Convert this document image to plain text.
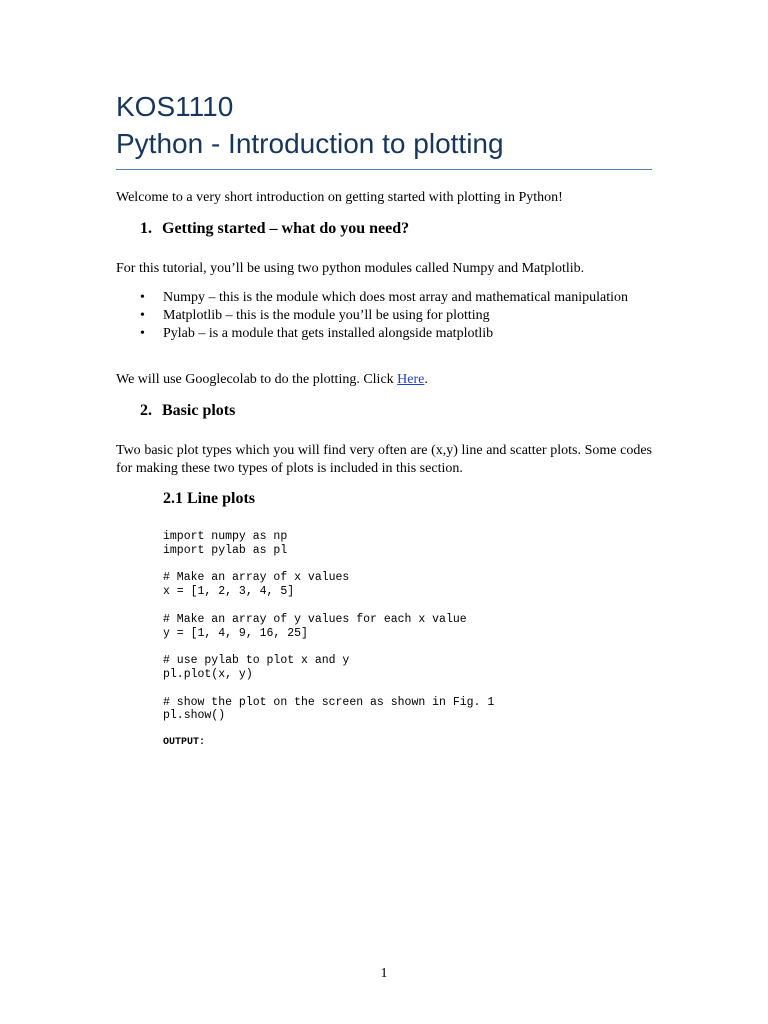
KOS1110
Python - Introduction to plotting

Welcome to a very short introduction on getting started with plotting in Python!

1. Getting started – what do you need?

For this tutorial, you’ll be using two python modules called Numpy and Matplotlib.

• Numpy – this is the module which does most array and mathematical manipulation
• Matplotlib – this is the module you’ll be using for plotting
• Pylab – is a module that gets installed alongside matplotlib

We will use Googlecolab to do the plotting. Click Here.

2. Basic plots

Two basic plot types which you will find very often are (x,y) line and scatter plots. Some codes for making these two types of plots is included in this section.

2.1 Line plots
import numpy as np
import pylab as pl

# Make an array of x values
x = [1, 2, 3, 4, 5]

# Make an array of y values for each x value
y = [1, 4, 9, 16, 25]

# use pylab to plot x and y
pl.plot(x, y)

# show the plot on the screen as shown in Fig. 1
pl.show()

OUTPUT:

1
